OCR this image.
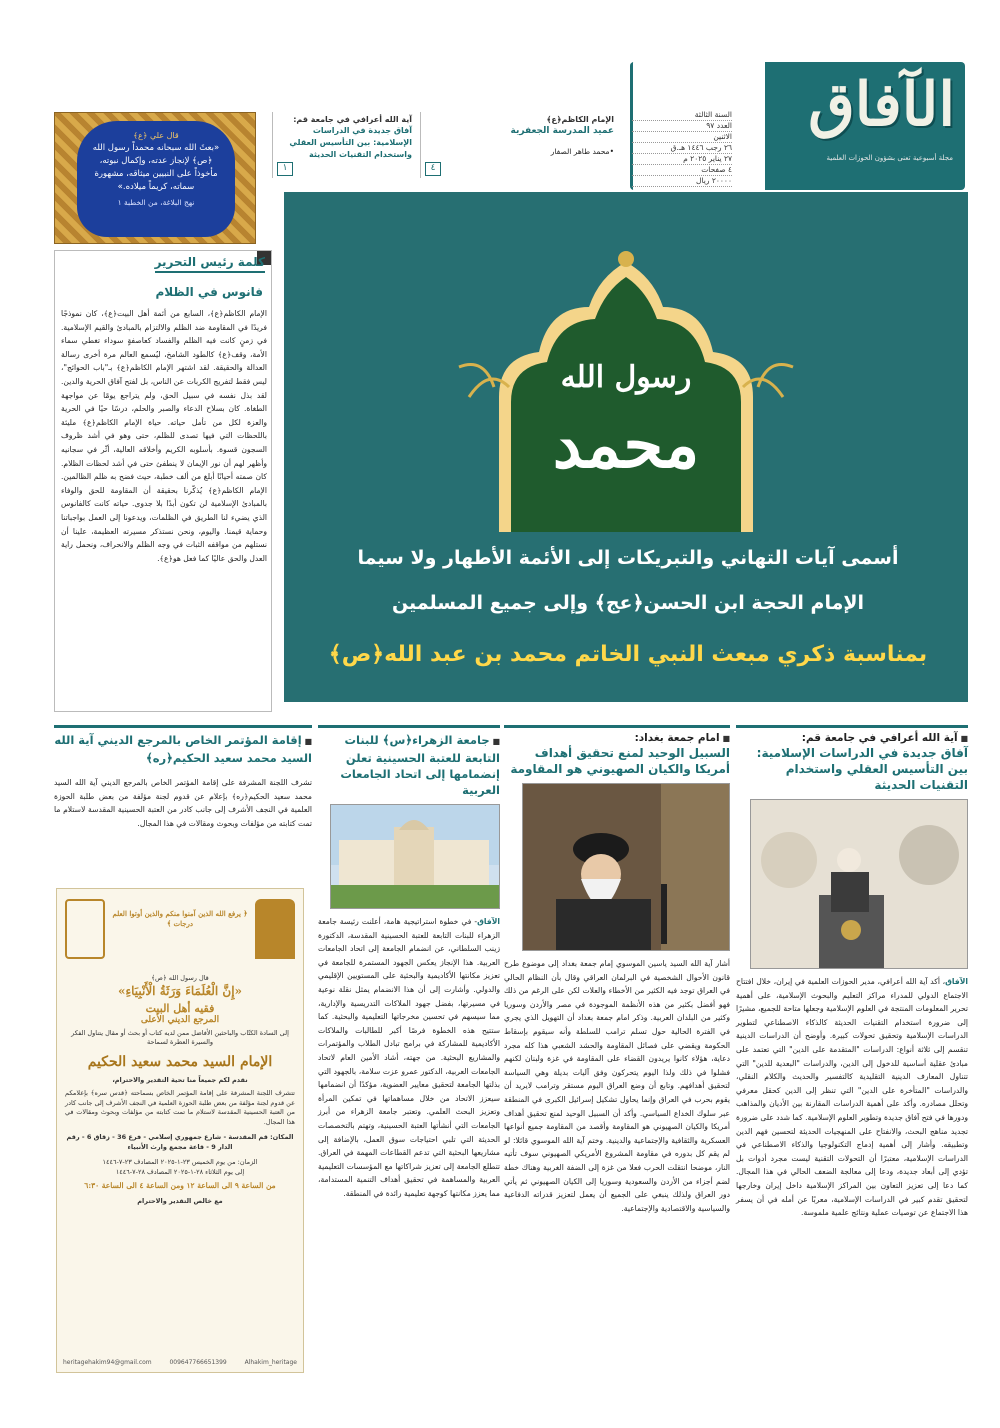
الآفاق
مجلة أسبوعية تعنى بشؤون الحوزات العلمية
السنة الثالثة
العدد ٩٧
الاثنين
٢٦ رجب ١٤٤٦ هـ.ق
٢٧ يناير ٢٠٢٥ م
٤ صفحات
٢٠٠٠٠ ريال
الإمام الكاظم﴿ع﴾
عميد المدرسة الجعفرية
•محمد طاهر الصفار
٤
آية الله أعرافي في جامعة قم:
آفاق جديدة في الدراسات الإسلامية: بين التأسيس العقلي واستخدام التقنيات الحديثة
١
قال علي ﴿ع﴾
«بعثَ الله سبحانه محمداً رسول الله ﴿ص﴾ لإنجاز عدته، وإكمال نبوته، مأخوذاً على النبيين ميثاقه، مشهورة سماته، كريماً ميلاده.»
نهج البلاغة، من الخطبة ١
كلمة رئيس التحرير
فانوس في الظلام
الإمام الكاظم﴿ع﴾، السابع من أئمة أهل البيت﴿ع﴾، كان نموذجًا فريدًا في المقاومة ضد الظلم والالتزام بالمبادئ والقيم الإسلامية. في زمنٍ كانت فيه الظلم والفساد كعاصفةٍ سوداء تغطي سماء الأمة، وقف﴿ع﴾ كالطود الشامخ، ليُسمع العالم مرة أخرى رسالة العدالة والحقيقة. لقد اشتهر الإمام الكاظم﴿ع﴾ بـ"باب الحوائج"، ليس فقط لتفريج الكربات عن الناس، بل لفتح آفاق الحرية والدين. لقد بذل نفسه في سبيل الحق، ولم يتراجع يومًا عن مواجهة الطغاة. كان بسلاح الدعاء والصبر والحلم، درسًا حيًا في الحرية والعزة لكل من تأمل حياته. حياة الإمام الكاظم﴿ع﴾ مليئة باللحظات التي فيها تصدى للظلم، حتى وهو في أشد ظروف السجون قسوة. بأسلوبه الكريم وأخلاقه العالية، أثّر في سجانيه وأظهر لهم أن نور الإيمان لا ينطفئ حتى في أشد لحظات الظلام. كان صمته أحيانًا أبلغ من ألف خطبة، حيث فضح به ظلم الظالمين. الإمام الكاظم﴿ع﴾ يُذكّرنا بحقيقة أن المقاومة للحق والوفاء بالمبادئ الإسلامية لن تكون أبدًا بلا جدوى. حياته كانت كالفانوس الذي يضيء لنا الطريق في الظلمات، ويدعونا إلى العمل بواجباتنا وحماية قيمنا. واليوم، ونحن نستذكر مسيرته العظيمة، علينا أن نستلهم من مواقفه الثبات في وجه الظلم والانحراف، ونحمل راية العدل والحق عاليًا كما فعل هو﴿ع﴾.
رسول الله
محمد
أسمى آيات التهاني والتبريكات إلى الأئمة الأطهار ولا سيما
الإمام الحجة ابن الحسن﴿عج﴾ وإلى جميع المسلمين
بمناسبة ذكري مبعث النبي الخاتم محمد بن عبد الله﴿ص﴾
■ آية الله أعرافي في جامعة قم:
آفاق جديدة في الدراسات الإسلامية: بين التأسيس العقلي واستخدام التقنيات الحديثة
الآفاق، أكد آية الله أعرافي، مدير الحوزات العلمية في إيران، خلال افتتاح الاجتماع الدولي للمدراء مراكز التعليم والبحوث الإسلامية، على أهمية تحرير المعلومات المنتجة في العلوم الإسلامية وجعلها متاحة للجميع، مشيرًا إلى ضرورة استخدام التقنيات الحديثة كالذكاء الاصطناعي لتطوير الدراسات الإسلامية وتحقيق تحولات كبيرة. وأوضح أن الدراسات الدينية تنقسم إلى ثلاثة أنواع: الدراسات "المتقدمة على الدين" التي تعتمد على مبادئ عقلية أساسية للدخول إلى الدين، والدراسات "البعدية للدين" التي تتناول المعارف الدينية التقليدية كالتفسير والحديث والكلام النقلي، والدراسات "المتأخرة على الدين" التي تنظر إلى الدين كحقل معرفي وتحلل مصادره. وأكد على أهمية الدراسات المقارنة بين الأديان والمذاهب ودورها في فتح آفاق جديدة وتطوير العلوم الإسلامية. كما شدد على ضرورة تجديد مناهج البحث، والانفتاح على المنهجيات الحديثة لتحسين فهم الدين وتطبيقه. وأشار إلى أهمية إدماج التكنولوجيا والذكاء الاصطناعي في الدراسات الإسلامية، معتبرًا أن التحولات التقنية ليست مجرد أدوات بل تؤدي إلى أبعاد جديدة، ودعا إلى معالجة الضعف الحالي في هذا المجال. كما دعا إلى تعزيز التعاون بين المراكز الإسلامية داخل إيران وخارجها لتحقيق تقدم كبير في الدراسات الإسلامية، معربًا عن أمله في أن يسفر هذا الاجتماع عن توصيات عملية ونتائج علمية ملموسة.
■ امام جمعة بغداد:
السبيل الوحيد لمنع تحقيق أهداف أمريكا والكيان الصهيوني هو المقاومة
أشار آية الله السيد ياسين الموسوي إمام جمعة بغداد إلى موضوع طرح قانون الأحوال الشخصية في البرلمان العراقي وقال بأن النظام الحالي في العراق توجد فيه الكثير من الأخطاء والعلات لكن على الرغم من ذلك فهو أفضل بكثير من هذه الأنظمة الموجودة في مصر والأردن وسوريا وكثير من البلدان العربية. وذكر امام جمعة بغداد أن التهويل الذي يجري في الفترة الحالية حول تسلم ترامب للسلطة وأنه سيقوم بإسقاط الحكومة ويقضي على فصائل المقاومة والحشد الشعبي هذا كله مجرد دعاية، هؤلاء كانوا يريدون القضاء على المقاومة في غزة ولبنان لكنهم فشلوا في ذلك ولذا اليوم يتحركون وفق آليات بديلة وهي السياسة لتحقيق أهدافهم. وتابع أن وضع العراق اليوم مستقر وترامب لايريد أن يقوم بحرب في العراق وإنما يحاول تشكيل إسرائيل الكبرى في المنطقة عبر سلوك الخداع السياسي. وأكد أن السبيل الوحيد لمنع تحقيق أهداف أمريكا والكيان الصهيوني هو المقاومة وأقصد من المقاومة جميع أنواعها العسكرية والثقافية والإجتماعية والدينية. وختم آية الله الموسوي قائلا: لو لم يقم كل بدوره في مقاومة المشروع الأمريكي الصهيوني سوف تأتيه النار، موضحا انتقلت الحرب فعلا من غزة إلى الضفة الغربية وهناك خطة لضم أجزاء من الأردن والسعودية وسوريا إلى الكيان الصهيوني ثم يأتي دور العراق ولذلك ينبغي على الجميع أن يعمل لتعزيز قدراته الدفاعية والسياسية والاقتصادية والإجتماعية.
■ جامعة الزهراء﴿س﴾ للبنات التابعة للعتبة الحسينية تعلن إنضمامها إلى اتحاد الجامعات العربية
الآفاق- في خطوة استراتيجية هامة، أعلنت رئيسة جامعة الزهراء للبنات التابعة للعتبة الحسينية المقدسة، الدكتورة زينب السلطاني، عن انضمام الجامعة إلى اتحاد الجامعات العربية. هذا الإنجاز يعكس الجهود المستمرة للجامعة في تعزيز مكانتها الأكاديمية والبحثية على المستويين الإقليمي والدولي. وأشارت إلى أن هذا الانضمام يمثل نقلة نوعية في مسيرتها، بفضل جهود الملاكات التدريسية والإدارية، مما سيسهم في تحسين مخرجاتها التعليمية والبحثية. كما ستتيح هذه الخطوة فرصًا أكبر للطالبات والملاكات الأكاديمية للمشاركة في برامج تبادل الطلاب والمؤتمرات والمشاريع البحثية. من جهته، أشاد الأمين العام لاتحاد الجامعات العربية، الدكتور عمرو عزت سلامة، بالجهود التي بذلتها الجامعة لتحقيق معايير العضوية، مؤكدًا أن انضمامها سيعزز الاتحاد من خلال مساهماتها في تمكين المرأة وتعزيز البحث العلمي. وتعتبر جامعة الزهراء من أبرز الجامعات التي أنشأتها العتبة الحسينية، وتهتم بالتخصصات الحديثة التي تلبي احتياجات سوق العمل، بالإضافة إلى مشاريعها البحثية التي تدعم القطاعات المهمة في العراق. تتطلع الجامعة إلى تعزيز شراكاتها مع المؤسسات التعليمية العربية والمساهمة في تحقيق أهداف التنمية المستدامة، مما يعزز مكانتها كوجهة تعليمية رائدة في المنطقة.
■ إقامة المؤتمر الخاص بالمرجع الديني آية الله السيد محمد سعيد الحكيم﴿ره﴾
تشرف اللجنة المشرفة على إقامة المؤتمر الخاص بالمرجع الديني آية الله السيد محمد سعيد الحكيم﴿ره﴾ بإعلام عن قدوم لجنة مؤلفة من بعض طلبة الحوزة العلمية في النجف الأشرف إلى جانب كادر من العتبة الحسينية المقدسة لاستلام ما تمت كتابته من مؤلفات وبحوث ومقالات في هذا المجال.
﴿ يرفع الله الذين آمنوا منكم والذين أوتوا العلم درجات ﴾
قال رسول الله ﴿ص﴾
«إِنَّ الْعُلَمَاءَ وَرَثَةُ الْأَنْبِيَاءِ»
فقيه أهل البيت
المرجع الديني الأعلى
إلى السادة الكتّاب والباحثين الأفاضل ممن لديه كتاب أو بحث أو مقال يتناول الفكر والسيرة العطرة لسماحة
الإمام السيد محمد سعيد الحكيم
نقدم لكم جميعاً منا تحية التقدير والاحترام،
تتشرف اللجنة المشرفة على إقامة المؤتمر الخاص بسماحته ﴿قدس سره﴾ بإعلامكم عن قدوم لجنة مؤلفة من بعض طلبة الحوزة العلمية في النجف الأشرف إلى جانب كادر من العتبة الحسينية المقدسة لاستلام ما تمت كتابته من مؤلفات وبحوث ومقالات في هذا المجال.
المكان: قم المقدسة - شارع جمهوري إسلامي - فرع 36 - زقاق 6 - رقم الدار 9 - قاعة مجمع وارث الأنبياء
الزمان: من يوم الخميس ٢٣-١-٢٠٢٥ المصادف ٢٣-٧-١٤٤٦
إلى يوم الثلاثاء ٢٨-١-٢٠٢٥ المصادف ٢٨-٧-١٤٤٦
من الساعة ٩ الى الساعة ١٢ ومن الساعة ٤ الى الساعة ٦:٣٠
مع خالص التقدير والاحترام
heritagehakim94@gmail.com	009647766651399	Alhakim_heritage
